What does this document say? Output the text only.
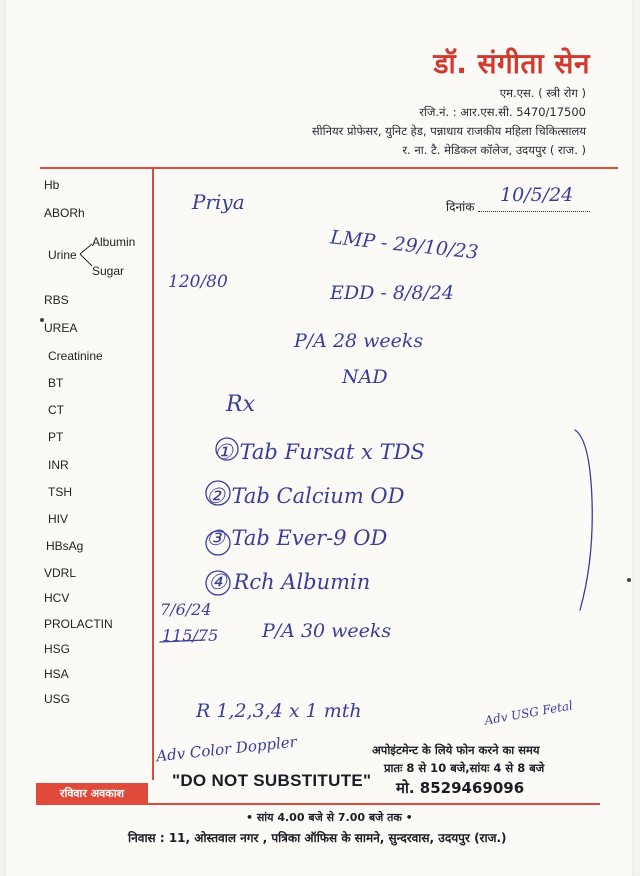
डॉ. संगीता सेन
एम.एस. ( स्त्री रोग )
रजि.नं. : आर.एस.सी. 5470/17500
सीनियर प्रोफेसर, युनिट हेड, पन्नाधाय राजकीय महिला चिकित्सालय
र. ना. टै. मेडिकल कॉलेज, उदयपुर ( राज. )
Hb
ABORh
Urine
Albumin
Sugar
RBS
UREA
Creatinine
BT
CT
PT
INR
TSH
HIV
HBsAg
VDRL
HCV
PROLACTIN
HSG
HSA
USG
दिनांक
Priya	10/5/24
LMP - 29/10/23
120/80	EDD - 8/8/24
P/A 28 weeks
NAD
Rx
① Tab Fursat x TDS
② Tab Calcium OD
③ Tab Ever-9 OD
④ Rch Albumin
7/6/24
115/75 P/A 30 weeks
R 1,2,3,4 x 1 mth	Adv USG Fetal
Adv Color Doppler	अपोइंटमेन्ट के लिये फोन करने का समय
प्रातः 8 से 10 बजे,सांयः 4 से 8 बजे
"DO NOT SUBSTITUTE" मो. 8529469096
रविवार अवकाश
• सांय 4.00 बजे से 7.00 बजे तक •
निवास : 11, ओस्तवाल नगर , पत्रिका ऑफिस के सामने, सुन्दरवास, उदयपुर (राज.)
